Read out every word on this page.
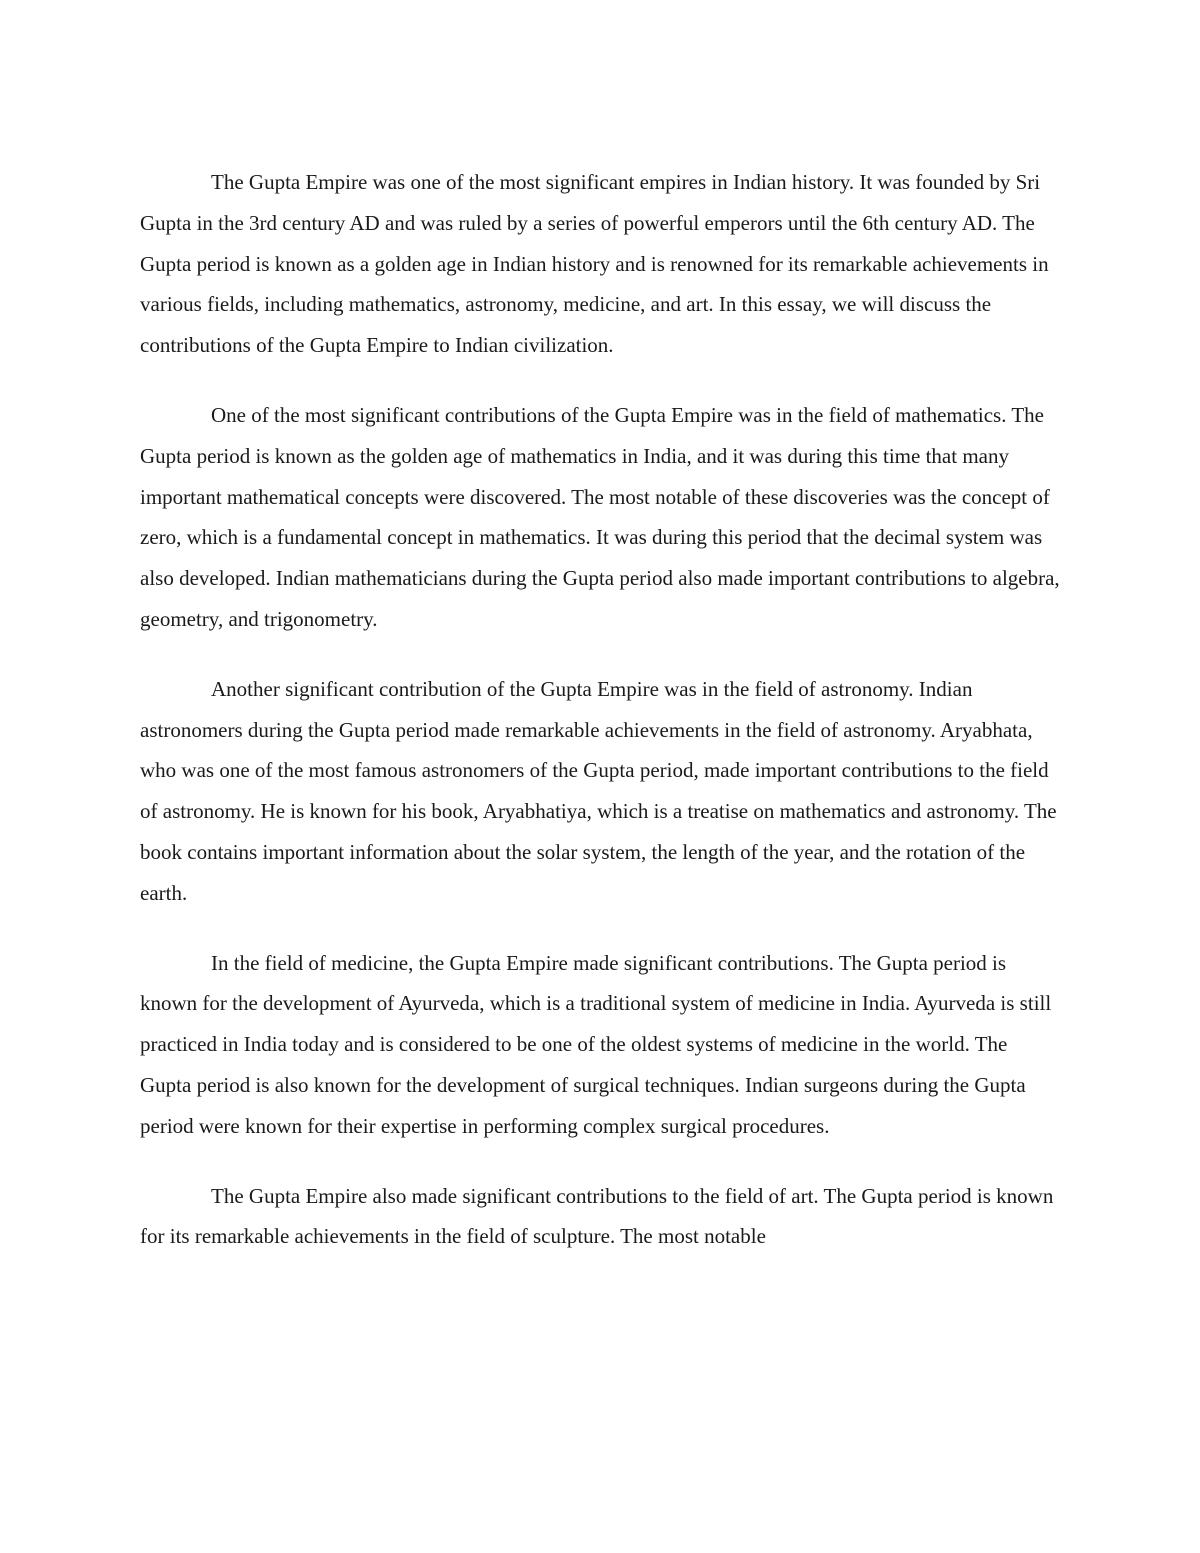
The Gupta Empire was one of the most significant empires in Indian history. It was founded by Sri Gupta in the 3rd century AD and was ruled by a series of powerful emperors until the 6th century AD. The Gupta period is known as a golden age in Indian history and is renowned for its remarkable achievements in various fields, including mathematics, astronomy, medicine, and art. In this essay, we will discuss the contributions of the Gupta Empire to Indian civilization.

One of the most significant contributions of the Gupta Empire was in the field of mathematics. The Gupta period is known as the golden age of mathematics in India, and it was during this time that many important mathematical concepts were discovered. The most notable of these discoveries was the concept of zero, which is a fundamental concept in mathematics. It was during this period that the decimal system was also developed. Indian mathematicians during the Gupta period also made important contributions to algebra, geometry, and trigonometry.

Another significant contribution of the Gupta Empire was in the field of astronomy. Indian astronomers during the Gupta period made remarkable achievements in the field of astronomy. Aryabhata, who was one of the most famous astronomers of the Gupta period, made important contributions to the field of astronomy. He is known for his book, Aryabhatiya, which is a treatise on mathematics and astronomy. The book contains important information about the solar system, the length of the year, and the rotation of the earth.

In the field of medicine, the Gupta Empire made significant contributions. The Gupta period is known for the development of Ayurveda, which is a traditional system of medicine in India. Ayurveda is still practiced in India today and is considered to be one of the oldest systems of medicine in the world. The Gupta period is also known for the development of surgical techniques. Indian surgeons during the Gupta period were known for their expertise in performing complex surgical procedures.

The Gupta Empire also made significant contributions to the field of art. The Gupta period is known for its remarkable achievements in the field of sculpture. The most notable
